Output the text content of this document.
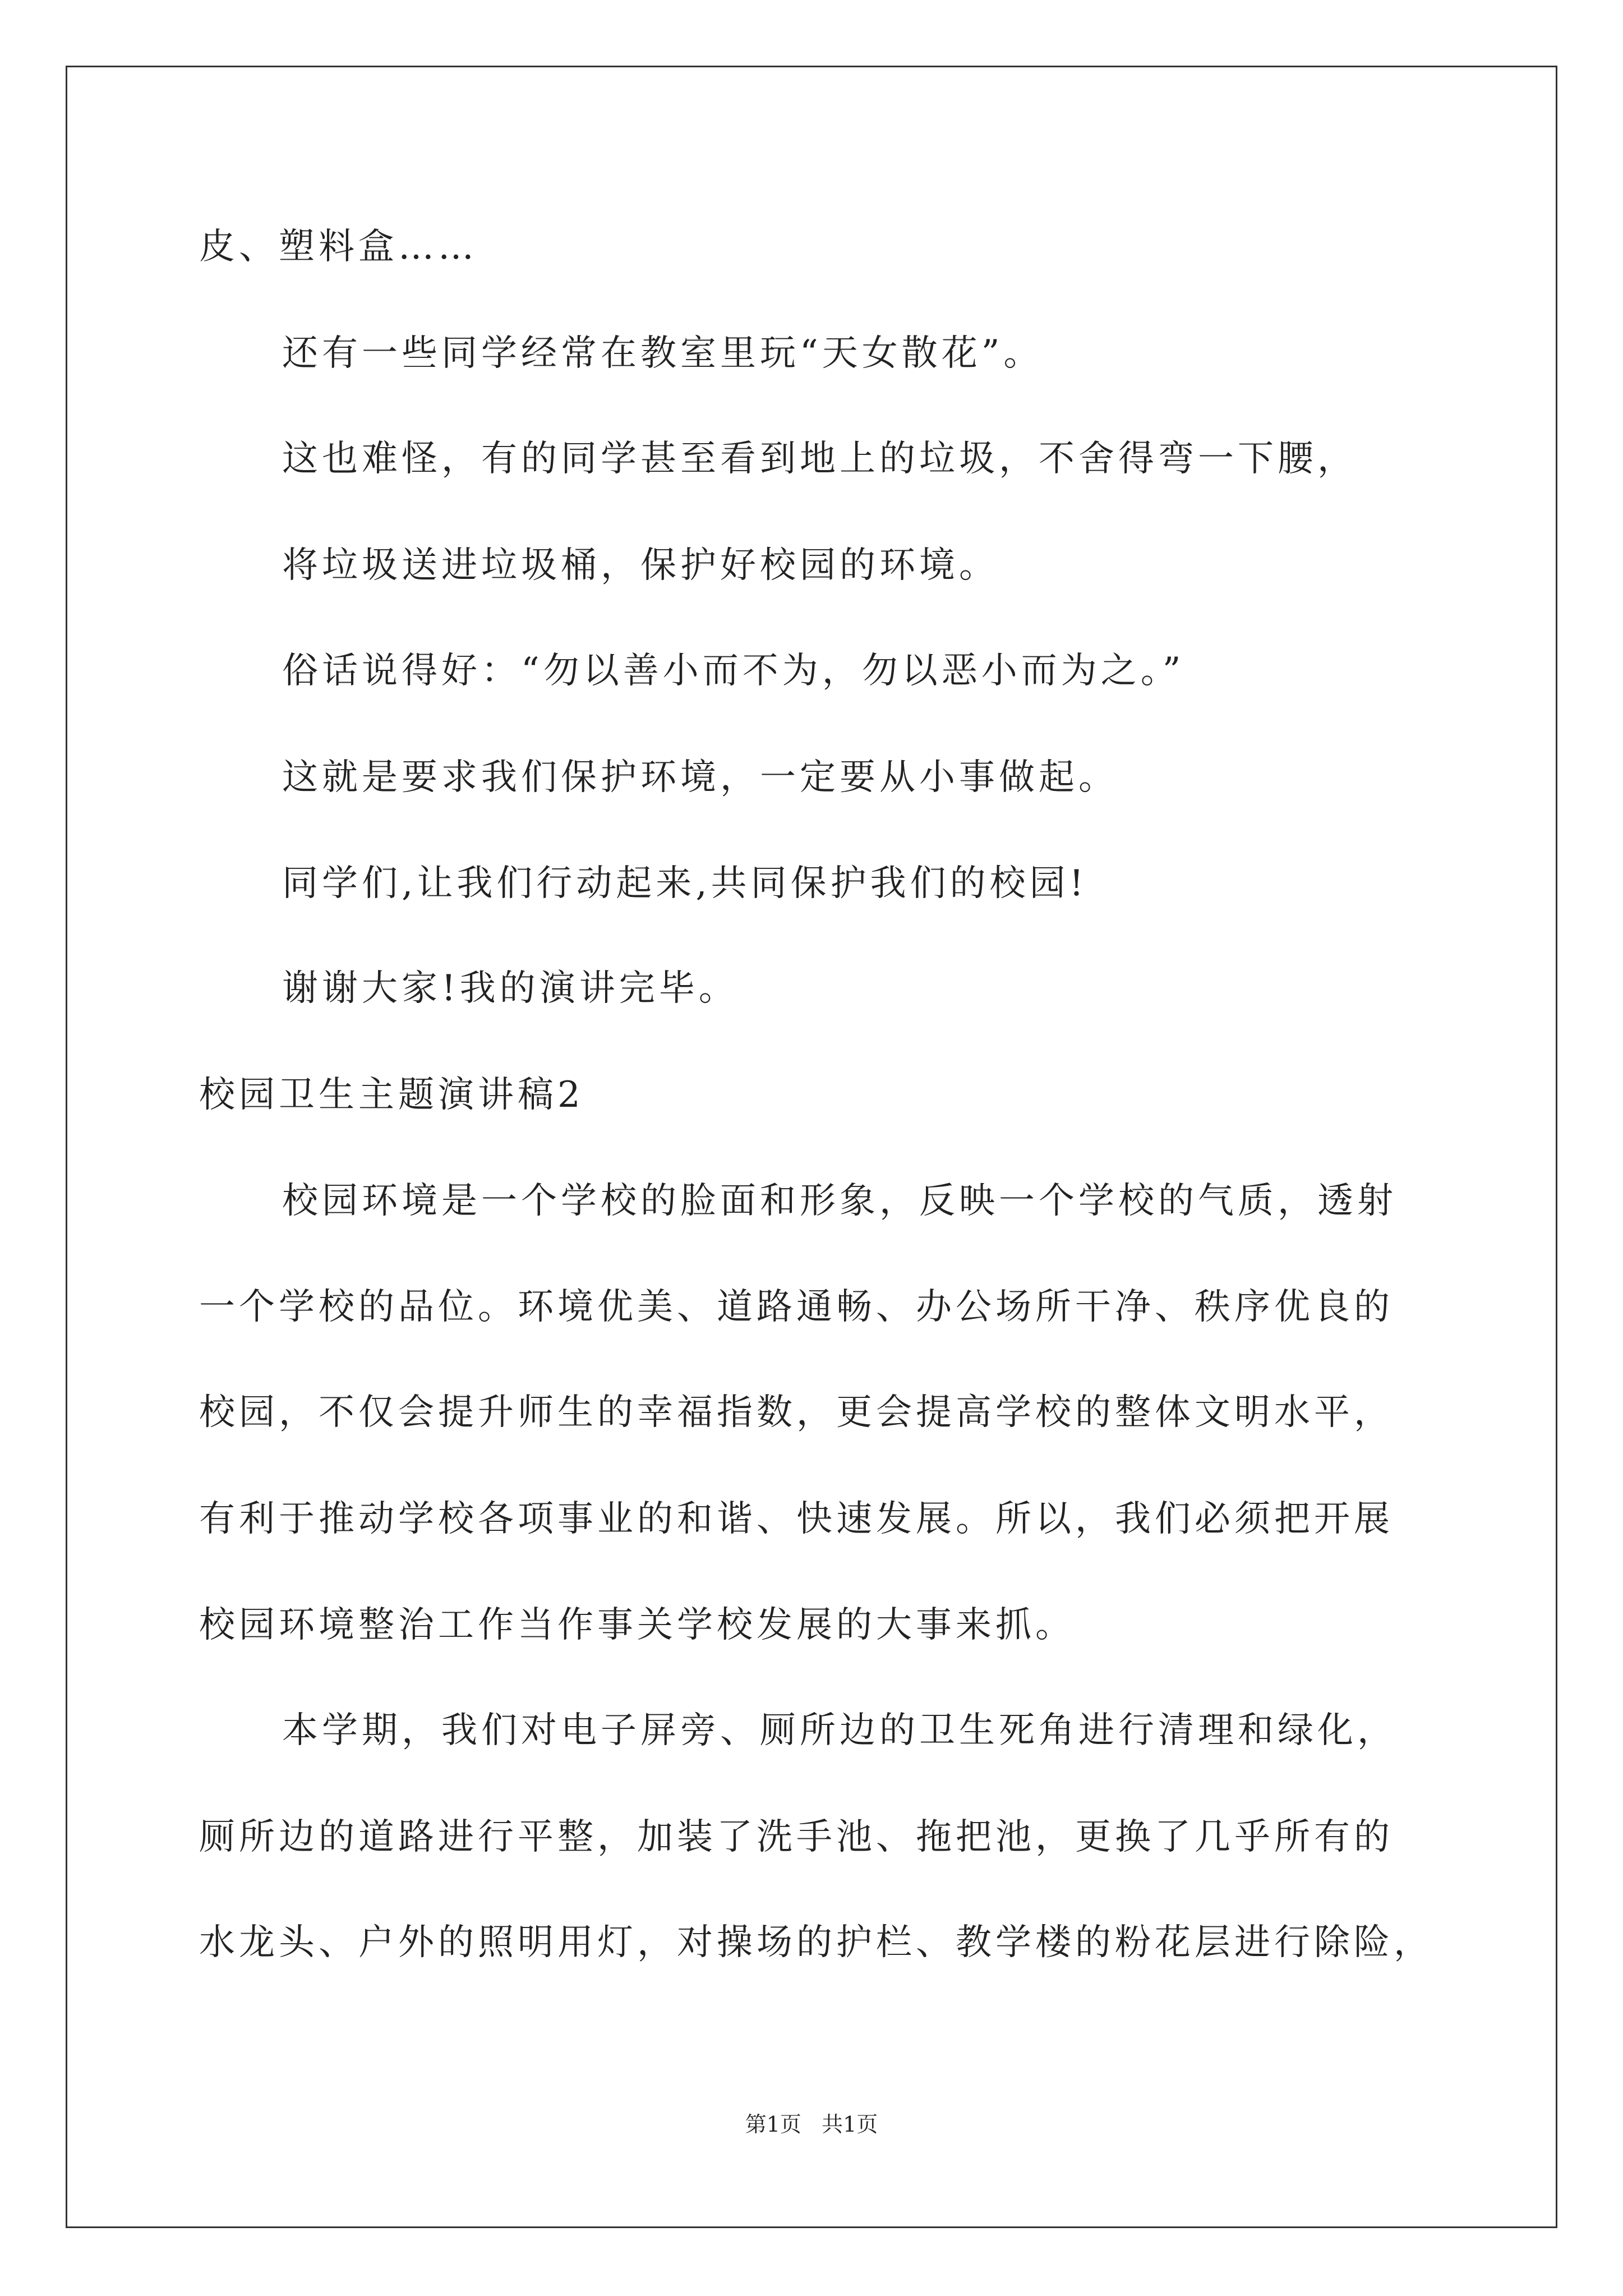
皮、塑料盒……
还有一些同学经常在教室里玩“天女散花”。
这也难怪，有的同学甚至看到地上的垃圾，不舍得弯一下腰，
将垃圾送进垃圾桶，保护好校园的环境。
俗话说得好：“勿以善小而不为，勿以恶小而为之。”
这就是要求我们保护环境，一定要从小事做起。
同学们,让我们行动起来,共同保护我们的校园!
谢谢大家!我的演讲完毕。
校园卫生主题演讲稿2
校园环境是一个学校的脸面和形象，反映一个学校的气质，透射
一个学校的品位。环境优美、道路通畅、办公场所干净、秩序优良的
校园，不仅会提升师生的幸福指数，更会提高学校的整体文明水平，
有利于推动学校各项事业的和谐、快速发展。所以，我们必须把开展
校园环境整治工作当作事关学校发展的大事来抓。
本学期，我们对电子屏旁、厕所边的卫生死角进行清理和绿化，
厕所边的道路进行平整，加装了洗手池、拖把池，更换了几乎所有的
水龙头、户外的照明用灯，对操场的护栏、教学楼的粉花层进行除险，
第1页   共1页
